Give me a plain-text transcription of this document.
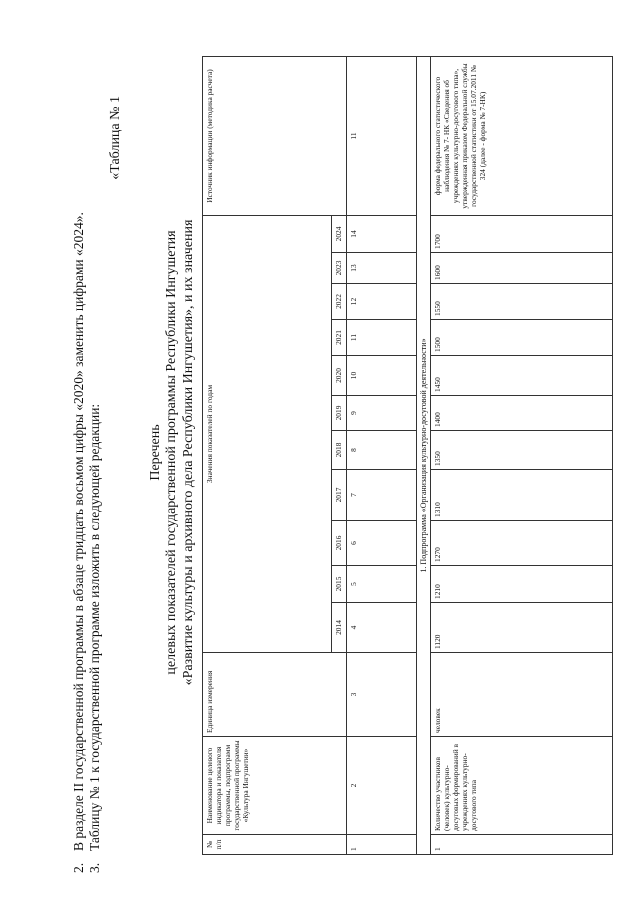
2.В разделе II государственной программы в абзаце тридцать восьмом цифры «2020» заменить цифрами «2024».
3.Таблицу № 1 к государственной программе изложить в следующей редакции:
«Таблица № 1
Перечень целевых показателей государственной программы Республики Ингушетия «Развитие культуры и архивного дела Республики Ингушетия», и их значения
№ п/п	Наименование целевого индикатора и показателя программы, подпрограмм государственной программы «Культура Ингушетии»	Единица измерения	Значения показателей по годам											Источник информации (методика расчета)
			2014	2015	2016	2017	2018	2019	2020	2021	2022	2023	2024	
1	2	3	4	5	6	7	8	9	10	11	12	13	14	11
1. Подпрограмма «Организация культурно-досуговой деятельности»														
1	Количество участников (человек) культурно-досуговых формирований в учреждениях культурно-досугового типа	человек	1120	1210	1270	1310	1350	1400	1450	1500	1550	1600	1700	форма федерального статистического наблюдения № 7- НК «Сведения об учреждениях культурно-досугового типа», утвержденная приказом Федеральной службы государственной статистики от 15.07.2011 № 324 (далее - форма № 7-НК)
